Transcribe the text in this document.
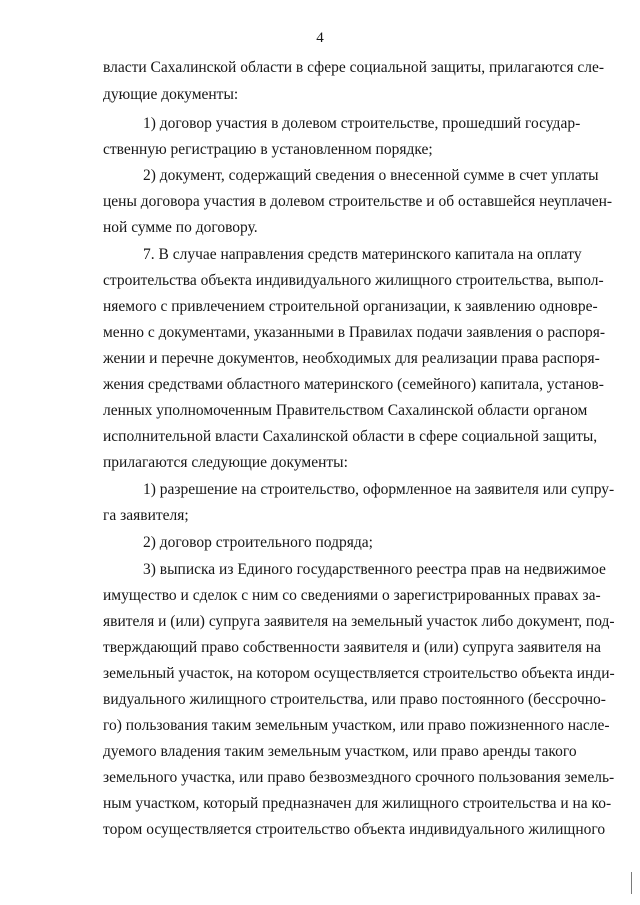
4
власти Сахалинской области в сфере социальной защиты, прилагаются сле-
дующие документы:
1) договор участия в долевом строительстве, прошедший государ-
ственную регистрацию в установленном порядке;
2) документ, содержащий сведения о внесенной сумме в счет уплаты
цены договора участия в долевом строительстве и об оставшейся неуплачен-
ной сумме по договору.
7. В случае направления средств материнского капитала на оплату
строительства объекта индивидуального жилищного строительства, выпол-
няемого с привлечением строительной организации, к заявлению одновре-
менно с документами, указанными в Правилах подачи заявления о распоря-
жении и перечне документов, необходимых для реализации права распоря-
жения средствами областного материнского (семейного) капитала, установ-
ленных уполномоченным Правительством Сахалинской области органом
исполнительной власти Сахалинской области в сфере социальной защиты,
прилагаются следующие документы:
1) разрешение на строительство, оформленное на заявителя или супру-
га заявителя;
2) договор строительного подряда;
3) выписка из Единого государственного реестра прав на недвижимое
имущество и сделок с ним со сведениями о зарегистрированных правах за-
явителя и (или) супруга заявителя на земельный участок либо документ, под-
тверждающий право собственности заявителя и (или) супруга заявителя на
земельный участок, на котором осуществляется строительство объекта инди-
видуального жилищного строительства, или право постоянного (бессрочно-
го) пользования таким земельным участком, или право пожизненного насле-
дуемого владения таким земельным участком, или право аренды такого
земельного участка, или право безвозмездного срочного пользования земель-
ным участком, который предназначен для жилищного строительства и на ко-
тором осуществляется строительство объекта индивидуального жилищного
